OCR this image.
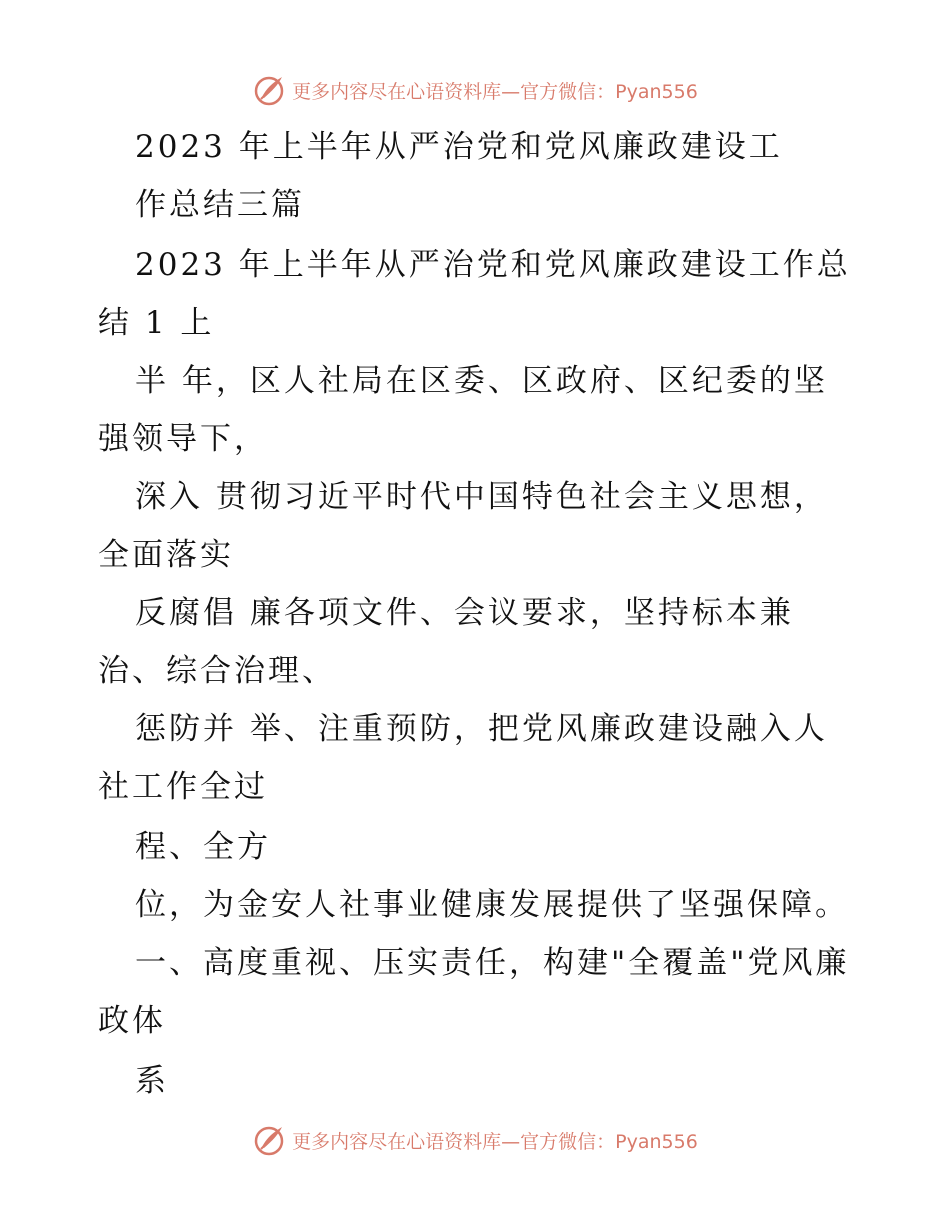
更多内容尽在心语资料库—官方微信：Pyan556
2023 年上半年从严治党和党风廉政建设工
作总结三篇
2023 年上半年从严治党和党风廉政建设工作总
结 1 上
半 年，区人社局在区委、区政府、区纪委的坚
强领导下，
深入 贯彻习近平时代中国特色社会主义思想，
全面落实
反腐倡 廉各项文件、会议要求，坚持标本兼
治、综合治理、
惩防并 举、注重预防，把党风廉政建设融入人
社工作全过
程、全方
位，为金安人社事业健康发展提供了坚强保障。
一、高度重视、压实责任，构建"全覆盖"党风廉
政体
系
更多内容尽在心语资料库—官方微信：Pyan556
